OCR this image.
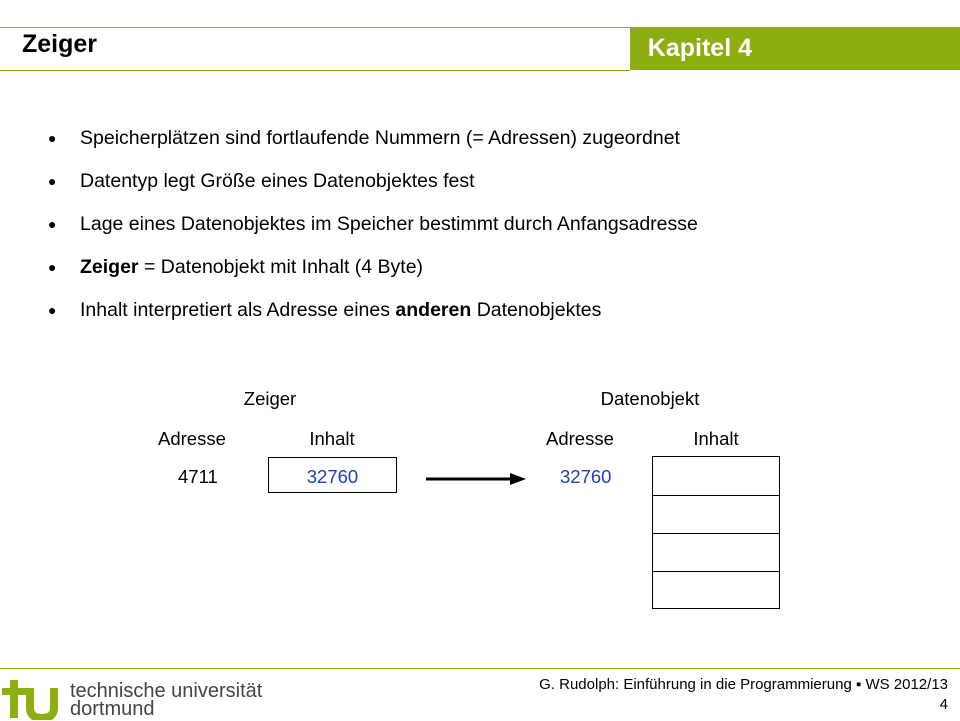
Zeiger	Kapitel 4
● Speicherplätzen sind fortlaufende Nummern (= Adressen) zugeordnet
● Datentyp legt Größe eines Datenobjektes fest
● Lage eines Datenobjektes im Speicher bestimmt durch Anfangsadresse
● Zeiger = Datenobjekt mit Inhalt (4 Byte)
● Inhalt interpretiert als Adresse eines anderen Datenobjektes
Zeiger
Adresse	Inhalt
4711	32760
Datenobjekt
Adresse	Inhalt
32760
technische universität
dortmund
G. Rudolph: Einführung in die Programmierung ▪ WS 2012/13
4
